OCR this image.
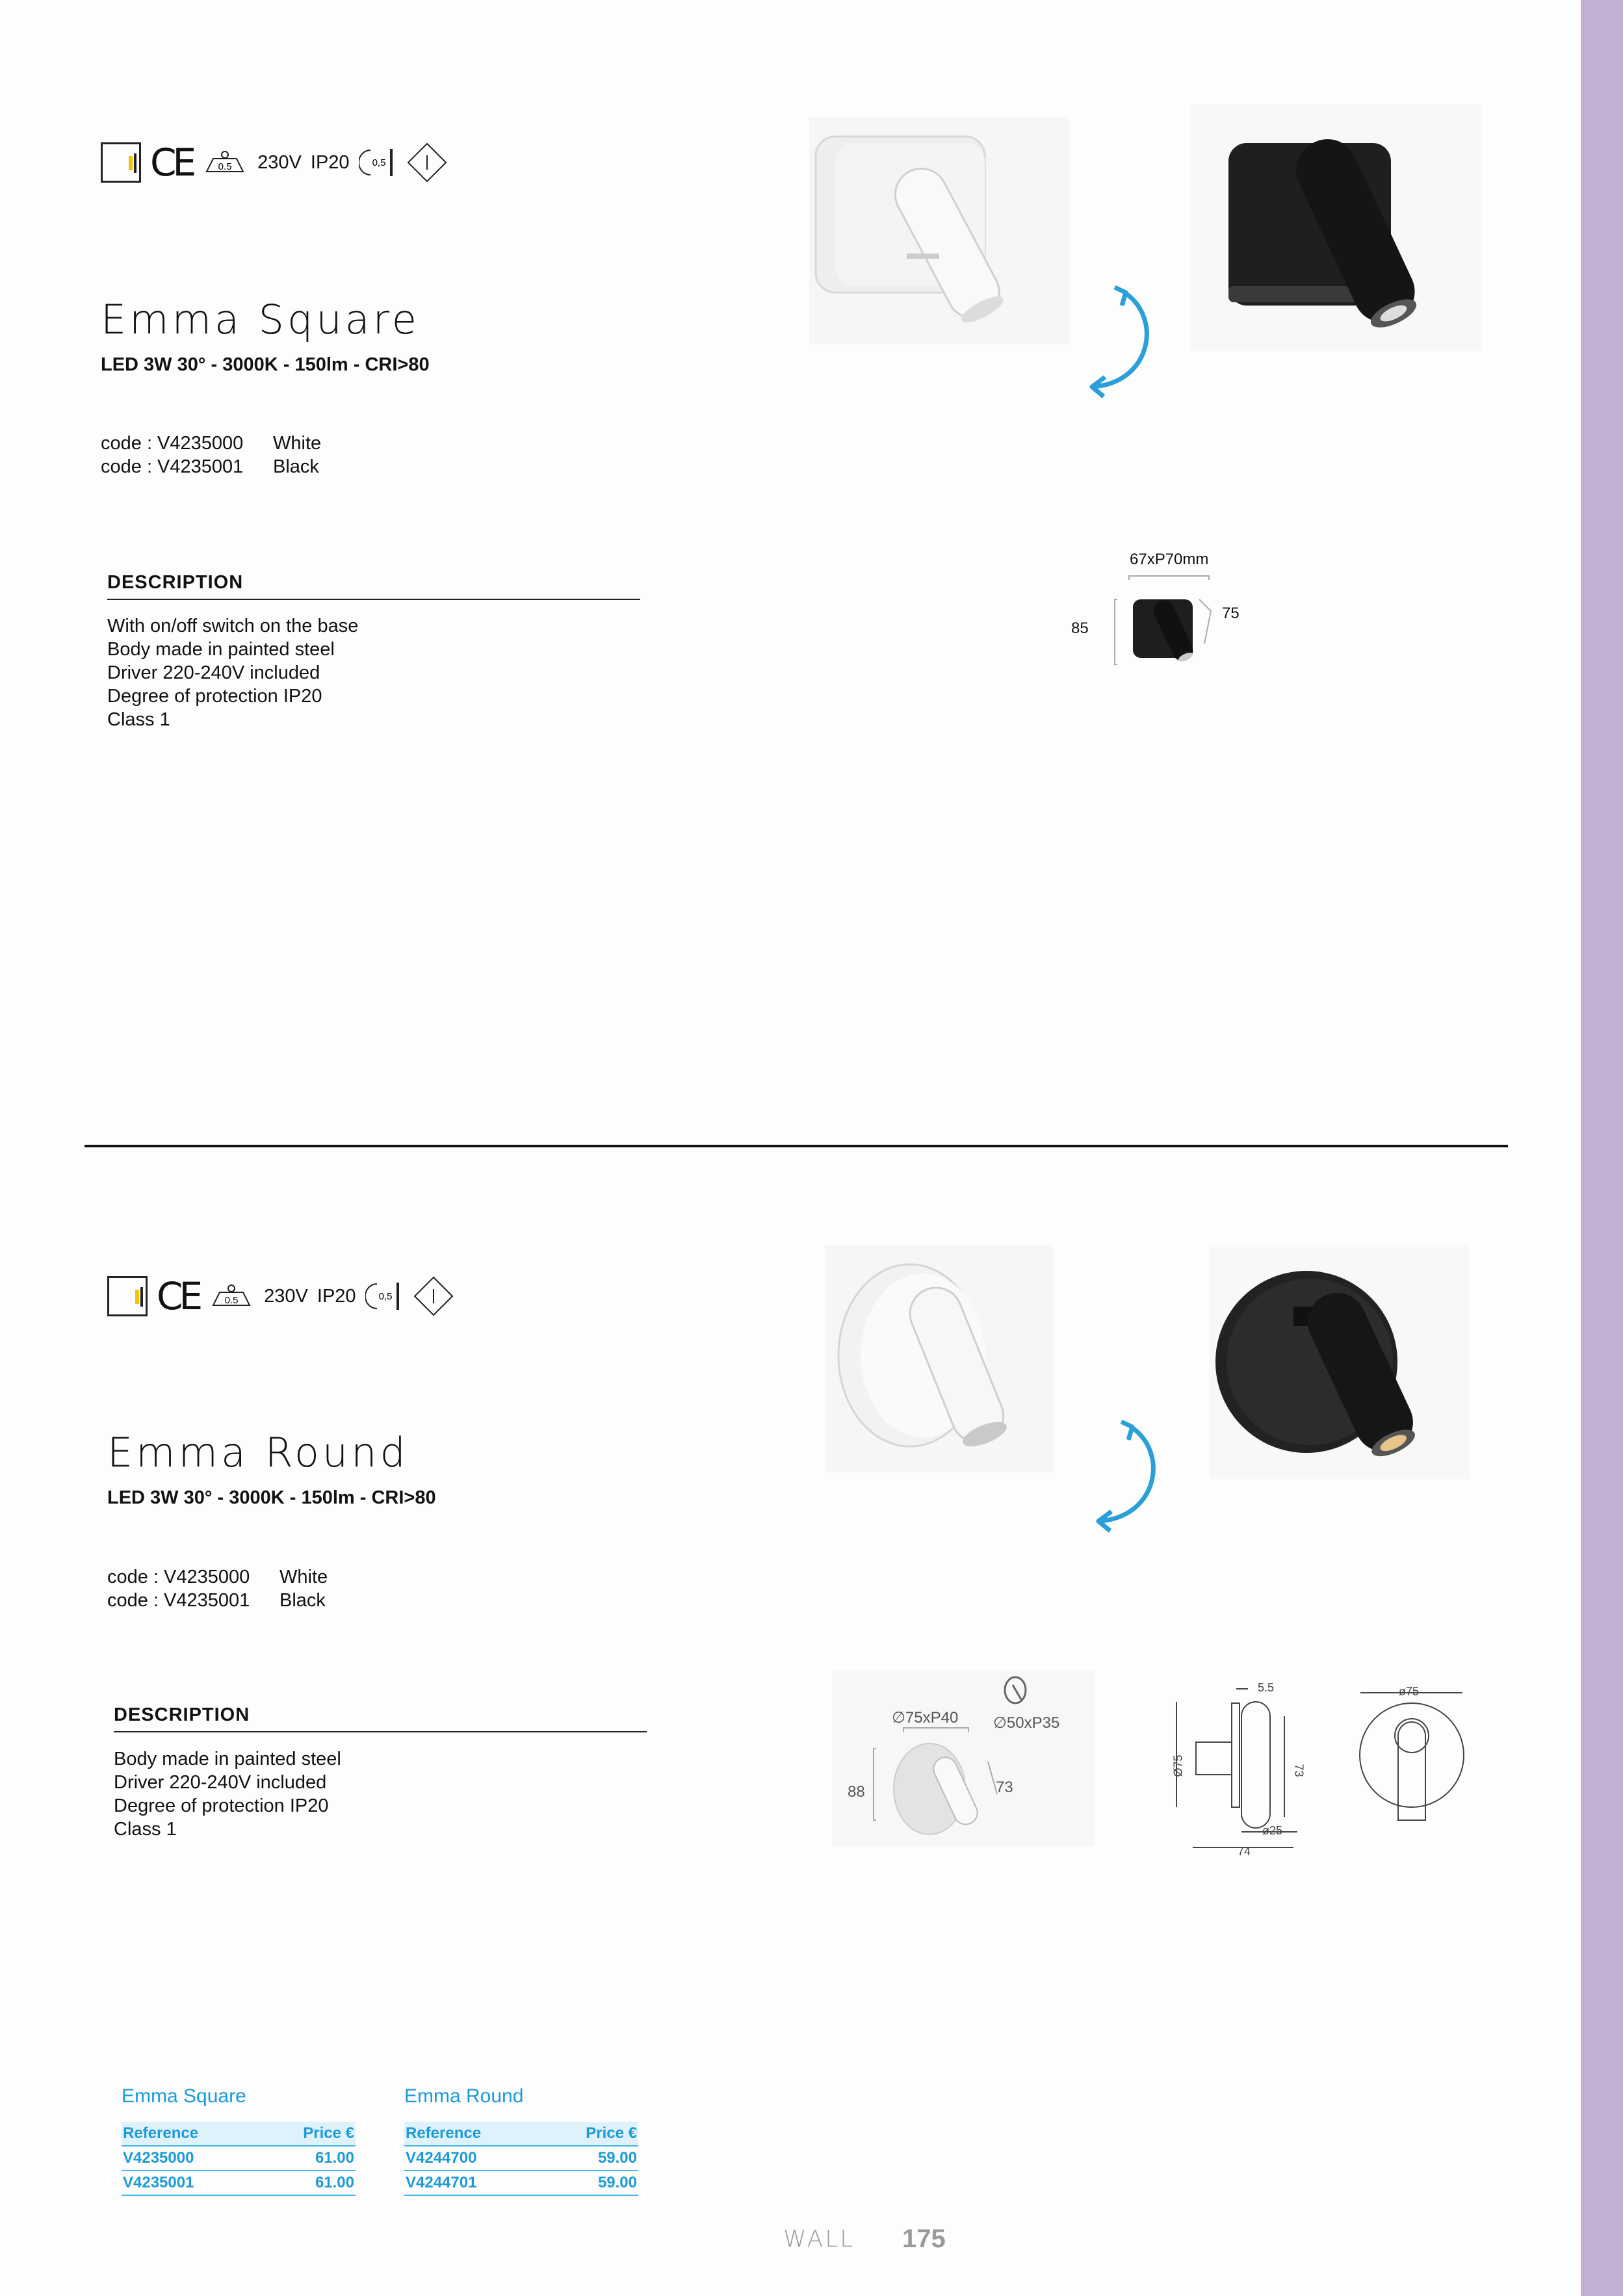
CE	0.5 230V IP20 0,5
Emma Square
LED 3W 30° - 3000K - 150lm - CRI>80
code : V4235000	White
code : V4235001	Black
DESCRIPTION
With on/off switch on the base
Body made in painted steel
Driver 220-240V included
Degree of protection IP20
Class 1
67xP70mm
85
75
CE	0.5 230V IP20 0,5
Emma Round
LED 3W 30° - 3000K - 150lm - CRI>80
code : V4235000	White
code : V4235001	Black
DESCRIPTION
Body made in painted steel
Driver 220-240V included
Degree of protection IP20
Class 1
∅75xP40 ∅50xP35
88	73
5.5
Ø75	73
ø25
74
ø75
Emma Square
Reference	Price €
V4235000	61.00
V4235001	61.00
Emma Round
Reference	Price €
V4244700	59.00
V4244701	59.00
WALL 175
